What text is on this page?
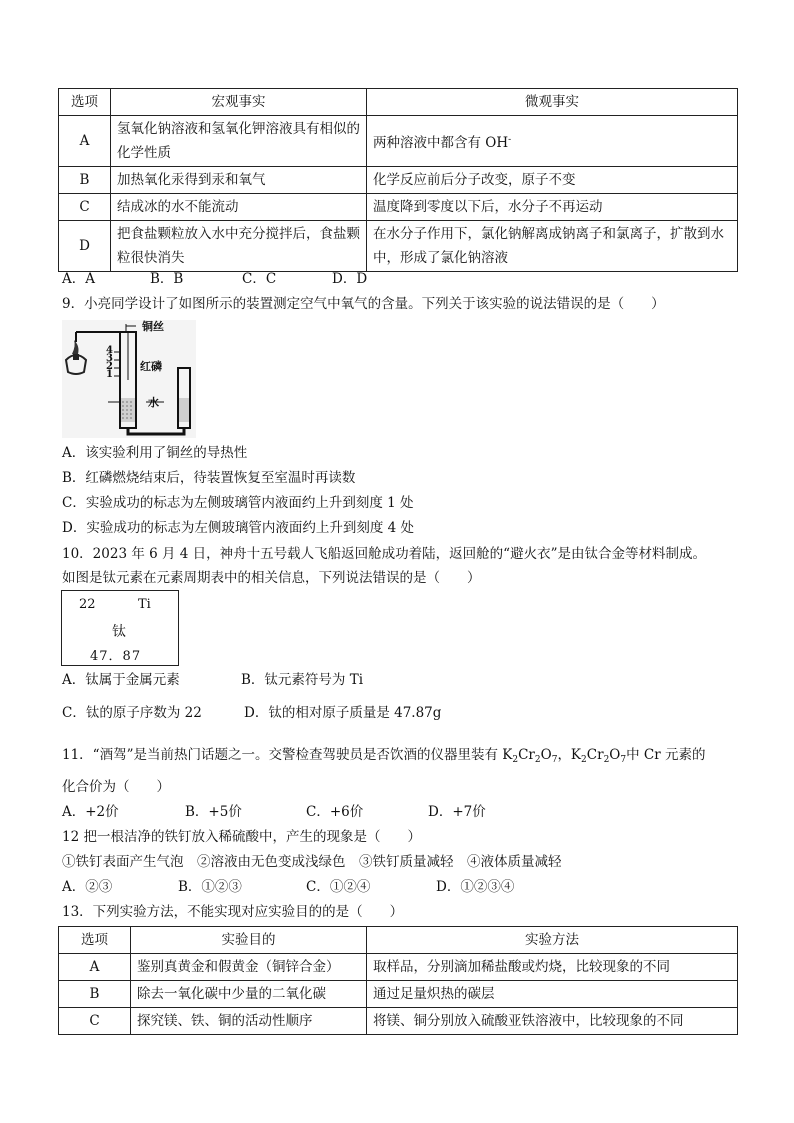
选项	宏观事实	微观事实
A	氢氧化钠溶液和氢氧化钾溶液具有相似的化学性质	两种溶液中都含有 OH-
B	加热氧化汞得到汞和氧气	化学反应前后分子改变，原子不变
C	结成冰的水不能流动	温度降到零度以下后，水分子不再运动
D	把食盐颗粒放入水中充分搅拌后，食盐颗粒很快消失	在水分子作用下，氯化钠解离成钠离子和氯离子，扩散到水中，形成了氯化钠溶液
A．A	B．B	C．C	D．D
9．小亮同学设计了如图所示的装置测定空气中氧气的含量。下列关于该实验的说法错误的是（　　）
铜丝
红磷
水
4
3
2
1
A．该实验利用了铜丝的导热性
B．红磷燃烧结束后，待装置恢复至室温时再读数
C．实验成功的标志为左侧玻璃管内液面约上升到刻度 1 处
D．实验成功的标志为左侧玻璃管内液面约上升到刻度 4 处
10．2023 年 6 月 4 日，神舟十五号载人飞船返回舱成功着陆，返回舱的“避火衣”是由钛合金等材料制成。
如图是钛元素在元素周期表中的相关信息，下列说法错误的是（　　）
22	Ti
钛
47．87
A．钛属于金属元素	B．钛元素符号为 Ti
C．钛的原子序数为 22	D．钛的相对原子质量是 47.87g
11．“酒驾”是当前热门话题之一。交警检查驾驶员是否饮酒的仪器里装有 $K_2Cr_2O_7$，$K_2Cr_2O_7$中 Cr 元素的
化合价为（　　）
A．+2价	B．+5价	C．+6价	D．+7价
12 把一根洁净的铁钉放入稀硫酸中，产生的现象是（　　）
①铁钉表面产生气泡　②溶液由无色变成浅绿色　③铁钉质量减轻　④液体质量减轻
A．②③	B．①②③	C．①②④	D．①②③④
13．下列实验方法，不能实现对应实验目的的是（　　）
选项	实验目的	实验方法
A	鉴别真黄金和假黄金（铜锌合金）	取样品，分别滴加稀盐酸或灼烧，比较现象的不同
B	除去一氧化碳中少量的二氧化碳	通过足量炽热的碳层
C	探究镁、铁、铜的活动性顺序	将镁、铜分别放入硫酸亚铁溶液中，比较现象的不同
